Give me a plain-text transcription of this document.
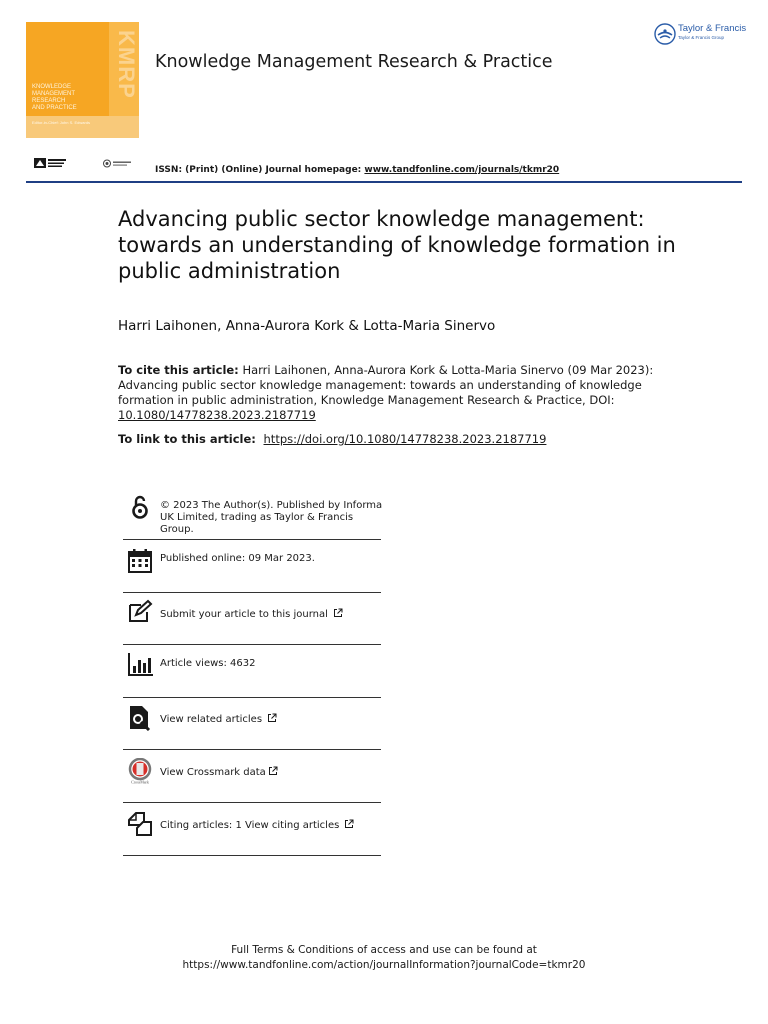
KMRP
KNOWLEDGE
MANAGEMENT
RESEARCH
AND PRACTICE
Editor-in-Chief: John S. Edwards
Knowledge Management Research & Practice
Taylor & Francis
Taylor & Francis Group
ISSN: (Print) (Online) Journal homepage: www.tandfonline.com/journals/tkmr20
Advancing public sector knowledge management: towards an understanding of knowledge formation in public administration
Harri Laihonen, Anna-Aurora Kork & Lotta-Maria Sinervo
To cite this article: Harri Laihonen, Anna-Aurora Kork & Lotta-Maria Sinervo (09 Mar 2023): Advancing public sector knowledge management: towards an understanding of knowledge formation in public administration, Knowledge Management Research & Practice, DOI: 10.1080/14778238.2023.2187719
To link to this article: https://doi.org/10.1080/14778238.2023.2187719
© 2023 The Author(s). Published by Informa UK Limited, trading as Taylor & Francis Group.
Published online: 09 Mar 2023.
Submit your article to this journal
Article views: 4632
View related articles
CrossMark
View Crossmark data
Citing articles: 1 View citing articles
Full Terms & Conditions of access and use can be found at
https://www.tandfonline.com/action/journalInformation?journalCode=tkmr20
